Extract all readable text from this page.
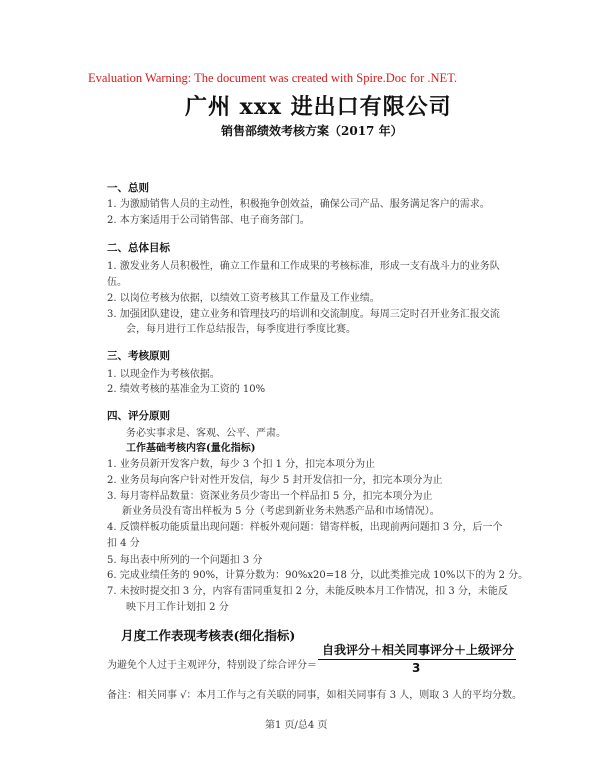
Evaluation Warning: The document was created with Spire.Doc for .NET.
广州 xxx 进出口有限公司
销售部绩效考核方案（2017 年）
一、总则
1. 为激励销售人员的主动性，积极拖争创效益，确保公司产品、服务满足客户的需求。
2. 本方案适用于公司销售部、电子商务部门。
二、总体目标
1. 激发业务人员积极性，确立工作量和工作成果的考核标准，形成一支有战斗力的业务队
伍。
2. 以岗位考核为依据，以绩效工资考核其工作量及工作业绩。
3. 加强团队建设，建立业务和管理技巧的培训和交流制度。每周三定时召开业务汇报交流
会，每月进行工作总结报告，每季度进行季度比赛。
三、考核原则
1. 以现金作为考核依据。
2. 绩效考核的基准金为工资的 10%
四、评分原则
务必实事求是、客观、公平、严肃。
工作基础考核内容(量化指标)
1. 业务员新开发客户数，每少 3 个扣 1 分，扣完本项分为止
2. 业务员每向客户针对性开发信，每少 5 封开发信扣一分，扣完本项分为止
3. 每月寄样品数量：资深业务员少寄出一个样品扣 5 分，扣完本项分为止
新业务员没有寄出样板为 5 分（考虑到新业务未熟悉产品和市场情况）。
4. 反馈样板功能质量出现问题：样板外观问题：错寄样板，出现前两问题扣 3 分，后一个
扣 4 分
5. 每出表中所列的一个问题扣 3 分
6. 完成业绩任务的 90%，计算分数为：90%x20=18 分，以此类推完成 10%以下的为 2 分。
7. 未按时提交扣 3 分，内容有雷同重复扣 2 分，未能反映本月工作情况，扣 3 分，未能反
映下月工作计划扣 2 分
月度工作表现考核表(细化指标)
为避免个人过于主观评分，特别设了综合评分＝
自我评分＋相关同事评分＋上级评分
3
备注：相关同事 √：本月工作与之有关联的同事，如相关同事有 3 人，则取 3 人的平均分数。
第1 页/总4 页
